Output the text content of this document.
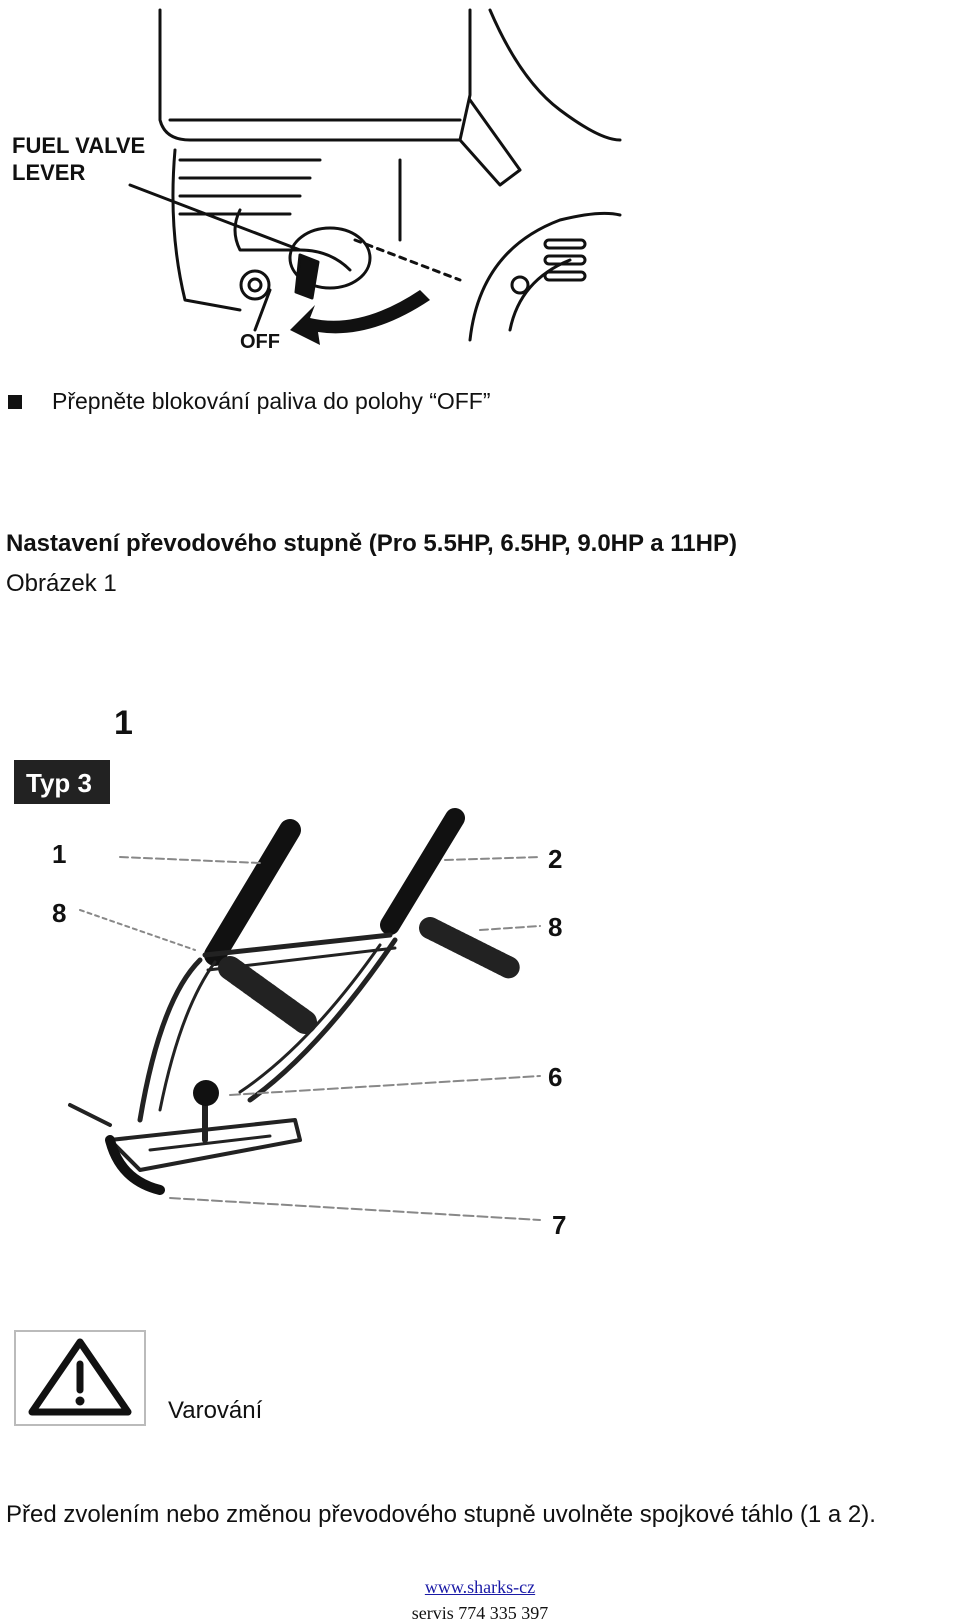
FUEL VALVE
LEVER
OFF
Přepněte blokování paliva do polohy “OFF”
Nastavení převodového stupně (Pro 5.5HP, 6.5HP, 9.0HP a 11HP)
Obrázek 1
Typ 3
1
1
8
2
8
6
7
Varování
Před zvolením nebo změnou převodového stupně uvolněte spojkové táhlo (1 a 2).
www.sharks-cz
servis 774 335 397
